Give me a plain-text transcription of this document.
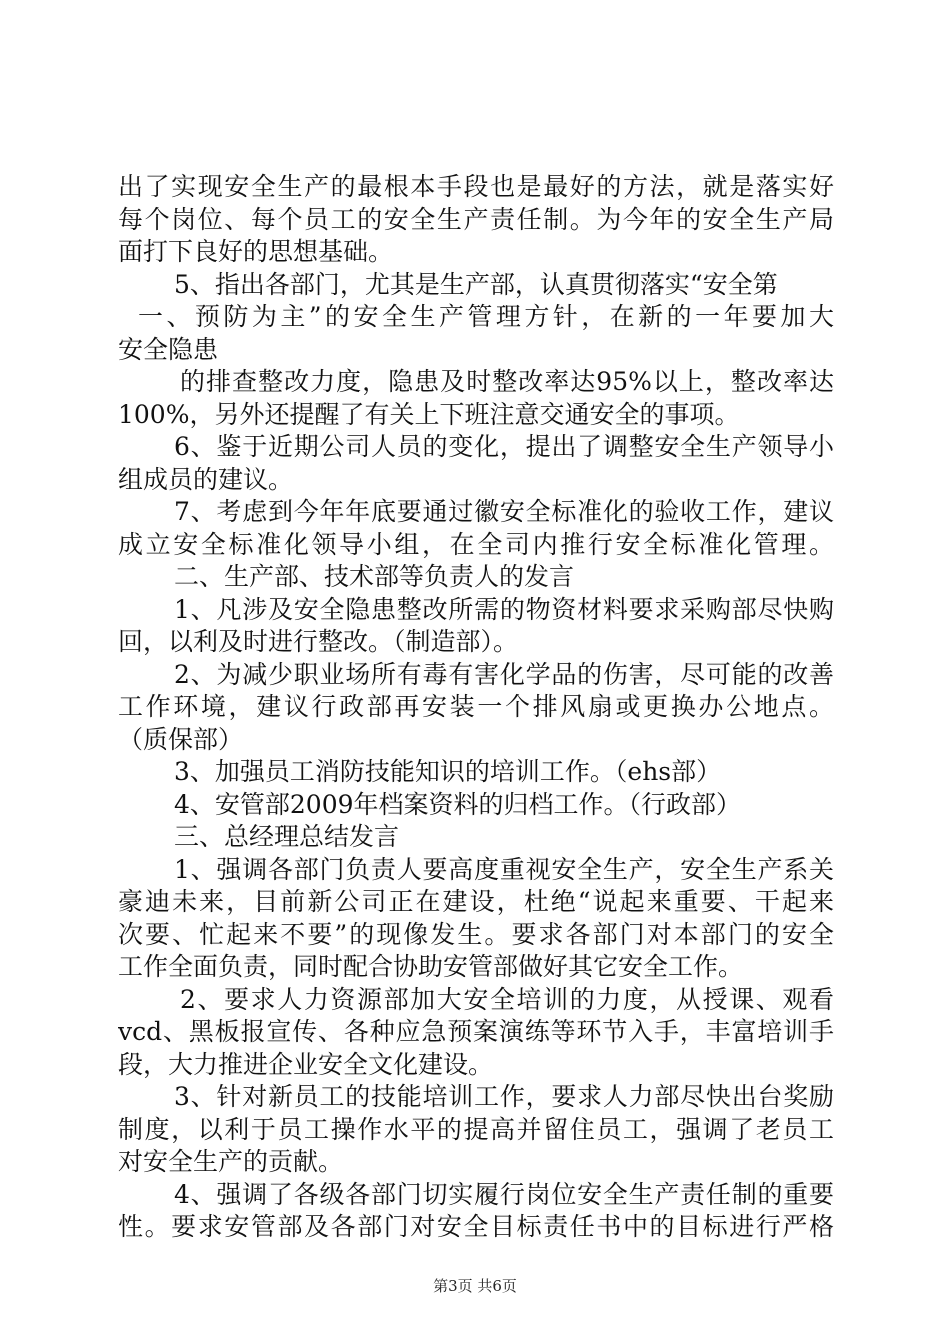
出了实现安全生产的最根本手段也是最好的方法，就是落实好
每个岗位、每个员工的安全生产责任制。为今年的安全生产局
面打下良好的思想基础。
5、指出各部门，尤其是生产部，认真贯彻落实“安全第
一、预防为主”的安全生产管理方针，在新的一年要加大
安全隐患
的排查整改力度，隐患及时整改率达95%以上，整改率达
100%，另外还提醒了有关上下班注意交通安全的事项。
6、鉴于近期公司人员的变化，提出了调整安全生产领导小
组成员的建议。
7、考虑到今年年底要通过徽安全标准化的验收工作，建议
成立安全标准化领导小组，在全司内推行安全标准化管理。
二、生产部、技术部等负责人的发言
1、凡涉及安全隐患整改所需的物资材料要求采购部尽快购
回，以利及时进行整改。（制造部）。
2、为减少职业场所有毒有害化学品的伤害，尽可能的改善
工作环境，建议行政部再安装一个排风扇或更换办公地点。
（质保部）
3、加强员工消防技能知识的培训工作。（ehs部）
4、安管部2009年档案资料的归档工作。（行政部）
三、总经理总结发言
1、强调各部门负责人要高度重视安全生产，安全生产系关
豪迪未来，目前新公司正在建设，杜绝“说起来重要、干起来
次要、忙起来不要”的现像发生。要求各部门对本部门的安全
工作全面负责，同时配合协助安管部做好其它安全工作。
2、要求人力资源部加大安全培训的力度，从授课、观看
vcd、黑板报宣传、各种应急预案演练等环节入手，丰富培训手
段，大力推进企业安全文化建设。
3、针对新员工的技能培训工作，要求人力部尽快出台奖励
制度，以利于员工操作水平的提高并留住员工，强调了老员工
对安全生产的贡献。
4、强调了各级各部门切实履行岗位安全生产责任制的重要
性。要求安管部及各部门对安全目标责任书中的目标进行严格
第3页 共6页
